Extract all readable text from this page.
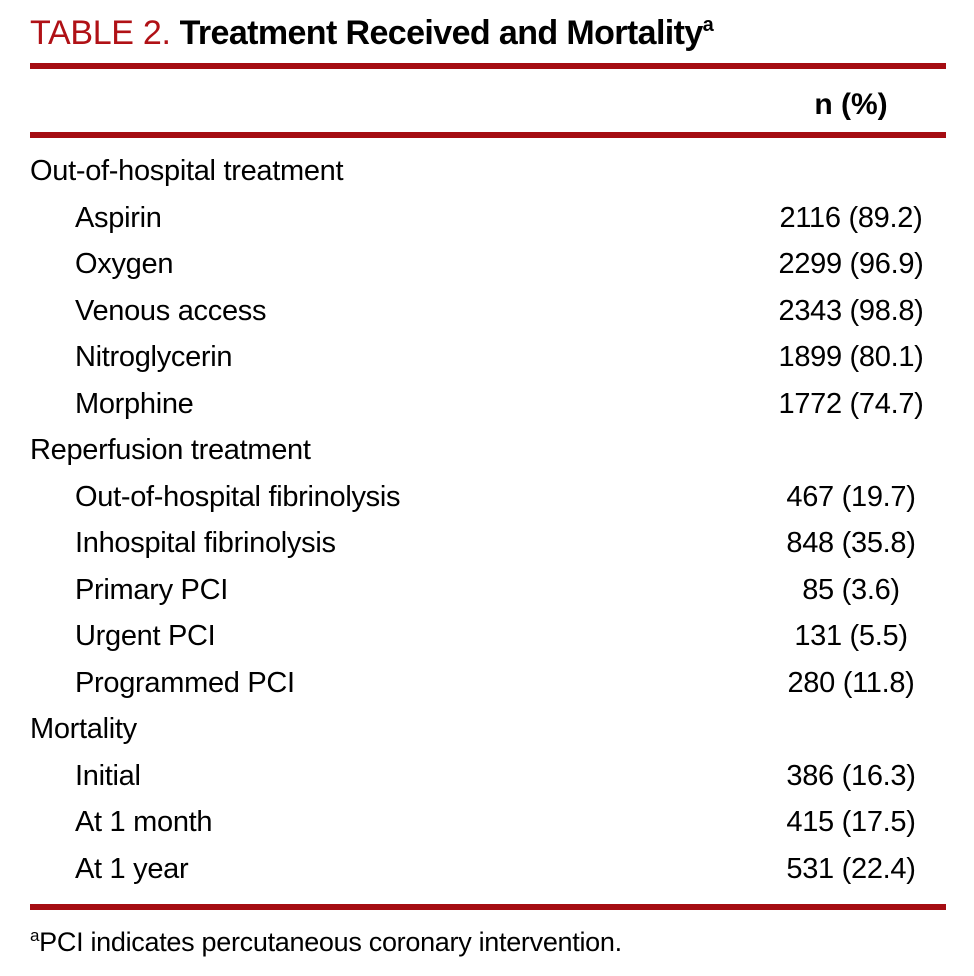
TABLE 2. Treatment Received and Mortality$^a$
n (%)
Out-of-hospital treatment
Aspirin	2116 (89.2)
Oxygen	2299 (96.9)
Venous access	2343 (98.8)
Nitroglycerin	1899 (80.1)
Morphine	1772 (74.7)
Reperfusion treatment
Out-of-hospital fibrinolysis	467 (19.7)
Inhospital fibrinolysis	848 (35.8)
Primary PCI	85 (3.6)
Urgent PCI	131 (5.5)
Programmed PCI	280 (11.8)
Mortality
Initial	386 (16.3)
At 1 month	415 (17.5)
At 1 year	531 (22.4)

$^a$PCI indicates percutaneous coronary intervention.
